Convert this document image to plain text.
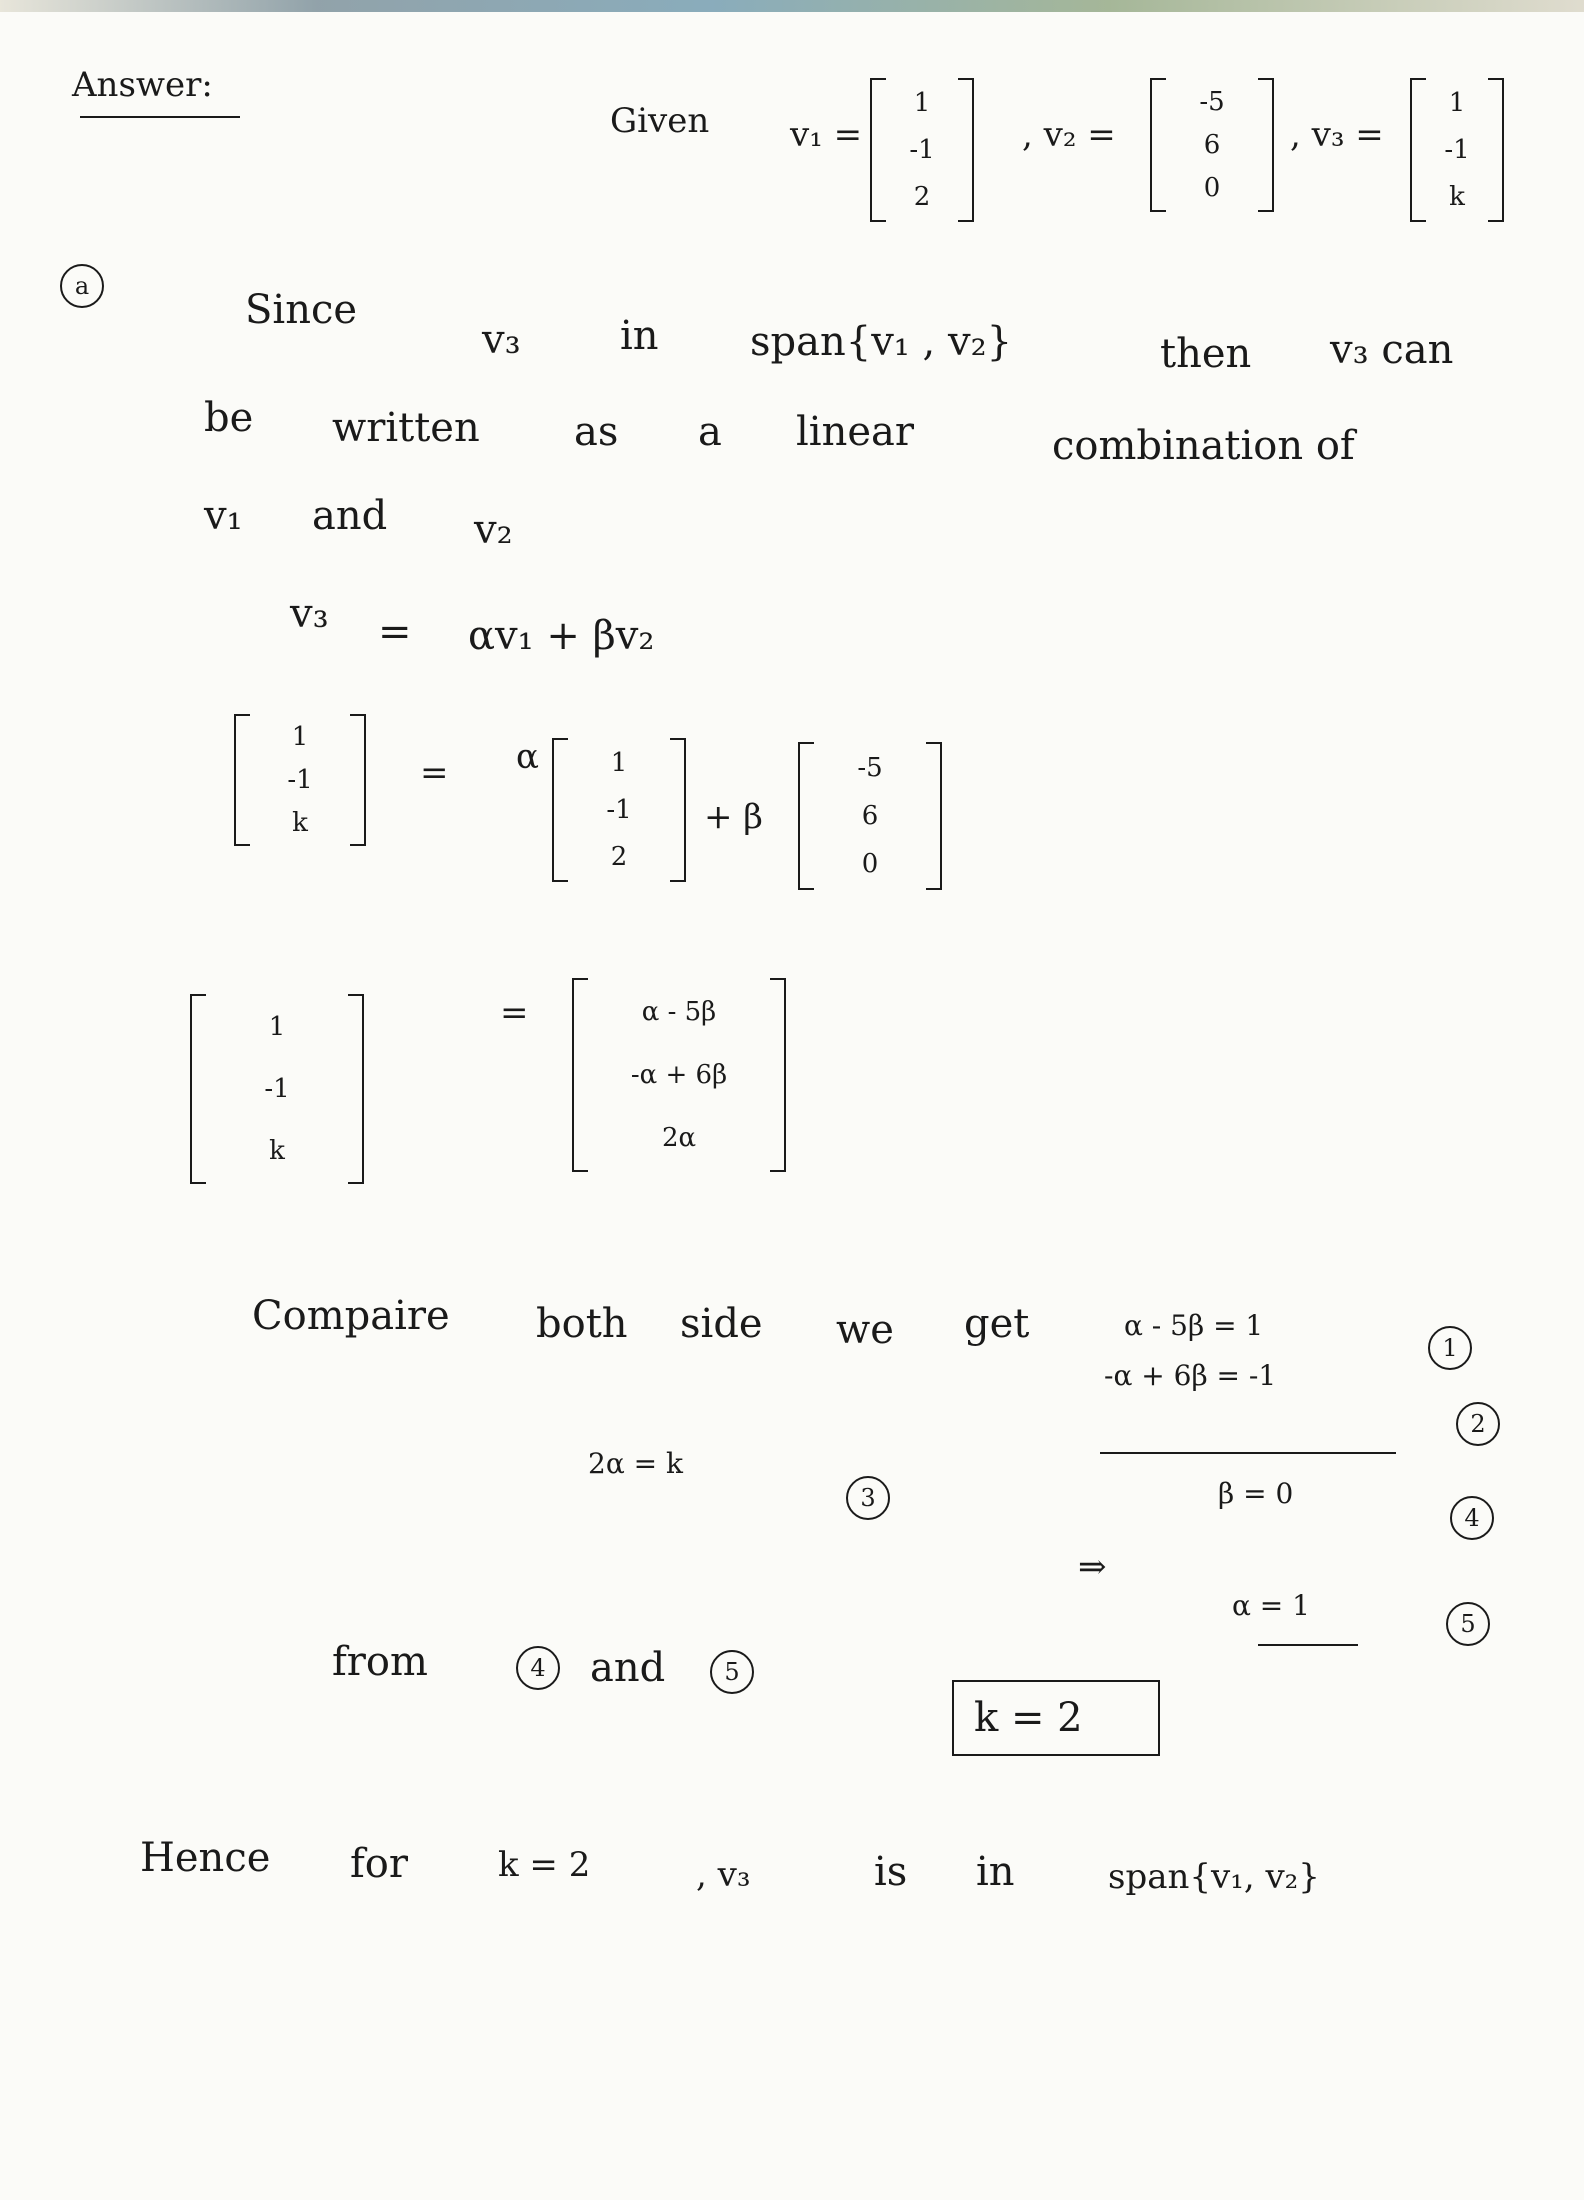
Answer:
Given v₁ =
1
-1
2
, v₂ =
-5
6
0
, v₃ =
1
-1
k
a
Since
v₃ in span{v₁ , v₂}	then v₃ can
be written as a linear	combination of
v₁ and v₂
v₃ = αv₁ + βv₂
1
-1
k
= α	1
-1
2
+ β
-5
6
0
1
-1
k
=	α - 5β
-α + 6β
2α
Compaire both side we get	α - 5β = 1
1
-α + 6β = -1
2
2α = k
3	β = 0
4
⇒
α = 1
5
from	4	and	5
k = 2
Hence for	k = 2	, v₃	is in	span{v₁, v₂}
